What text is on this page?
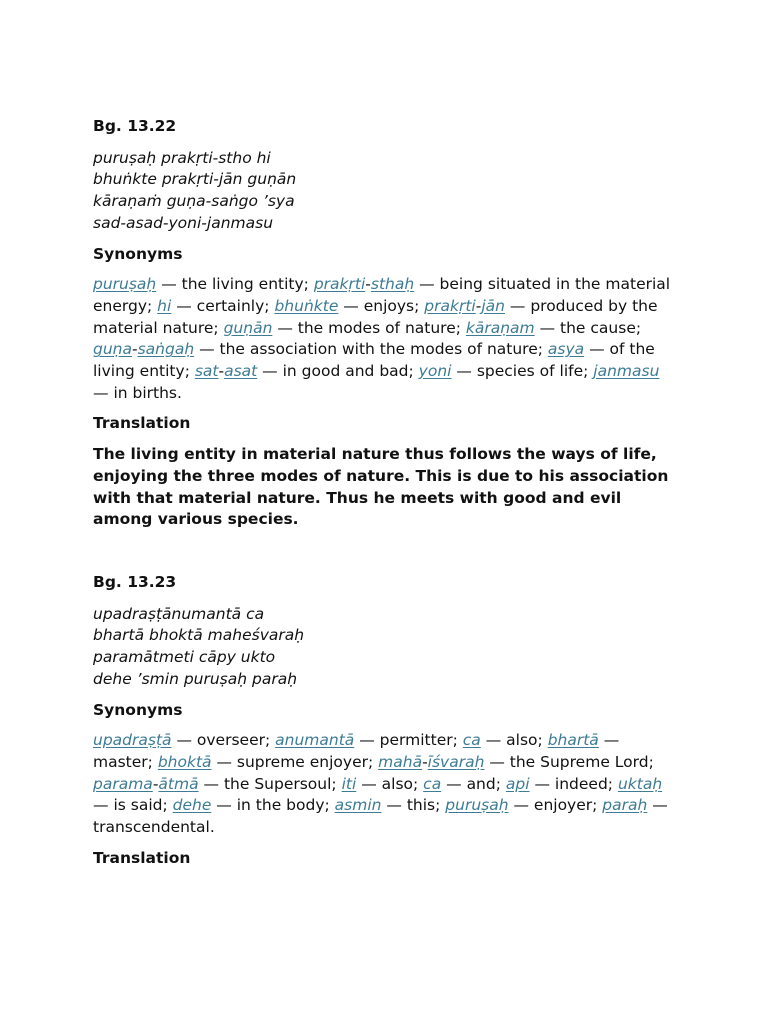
Bg. 13.22
puruṣaḥ prakṛti-stho hi
bhuṅkte prakṛti-jān guṇān
kāraṇaṁ guṇa-saṅgo ’sya
sad-asad-yoni-janmasu
Synonyms
puruṣaḥ — the living entity; prakṛti-sthaḥ — being situated in the material energy; hi — certainly; bhuṅkte — enjoys; prakṛti-jān — produced by the material nature; guṇān — the modes of nature; kāraṇam — the cause; guṇa-saṅgaḥ — the association with the modes of nature; asya — of the living entity; sat-asat — in good and bad; yoni — species of life; janmasu — in births.
Translation
The living entity in material nature thus follows the ways of life, enjoying the three modes of nature. This is due to his association with that material nature. Thus he meets with good and evil among various species.
Bg. 13.23
upadraṣṭānumantā ca
bhartā bhoktā maheśvaraḥ
paramātmeti cāpy ukto
dehe ’smin puruṣaḥ paraḥ
Synonyms
upadraṣṭā — overseer; anumantā — permitter; ca — also; bhartā — master; bhoktā — supreme enjoyer; mahā-īśvaraḥ — the Supreme Lord; parama-ātmā — the Supersoul; iti — also; ca — and; api — indeed; uktaḥ — is said; dehe — in the body; asmin — this; puruṣaḥ — enjoyer; paraḥ — transcendental.
Translation
